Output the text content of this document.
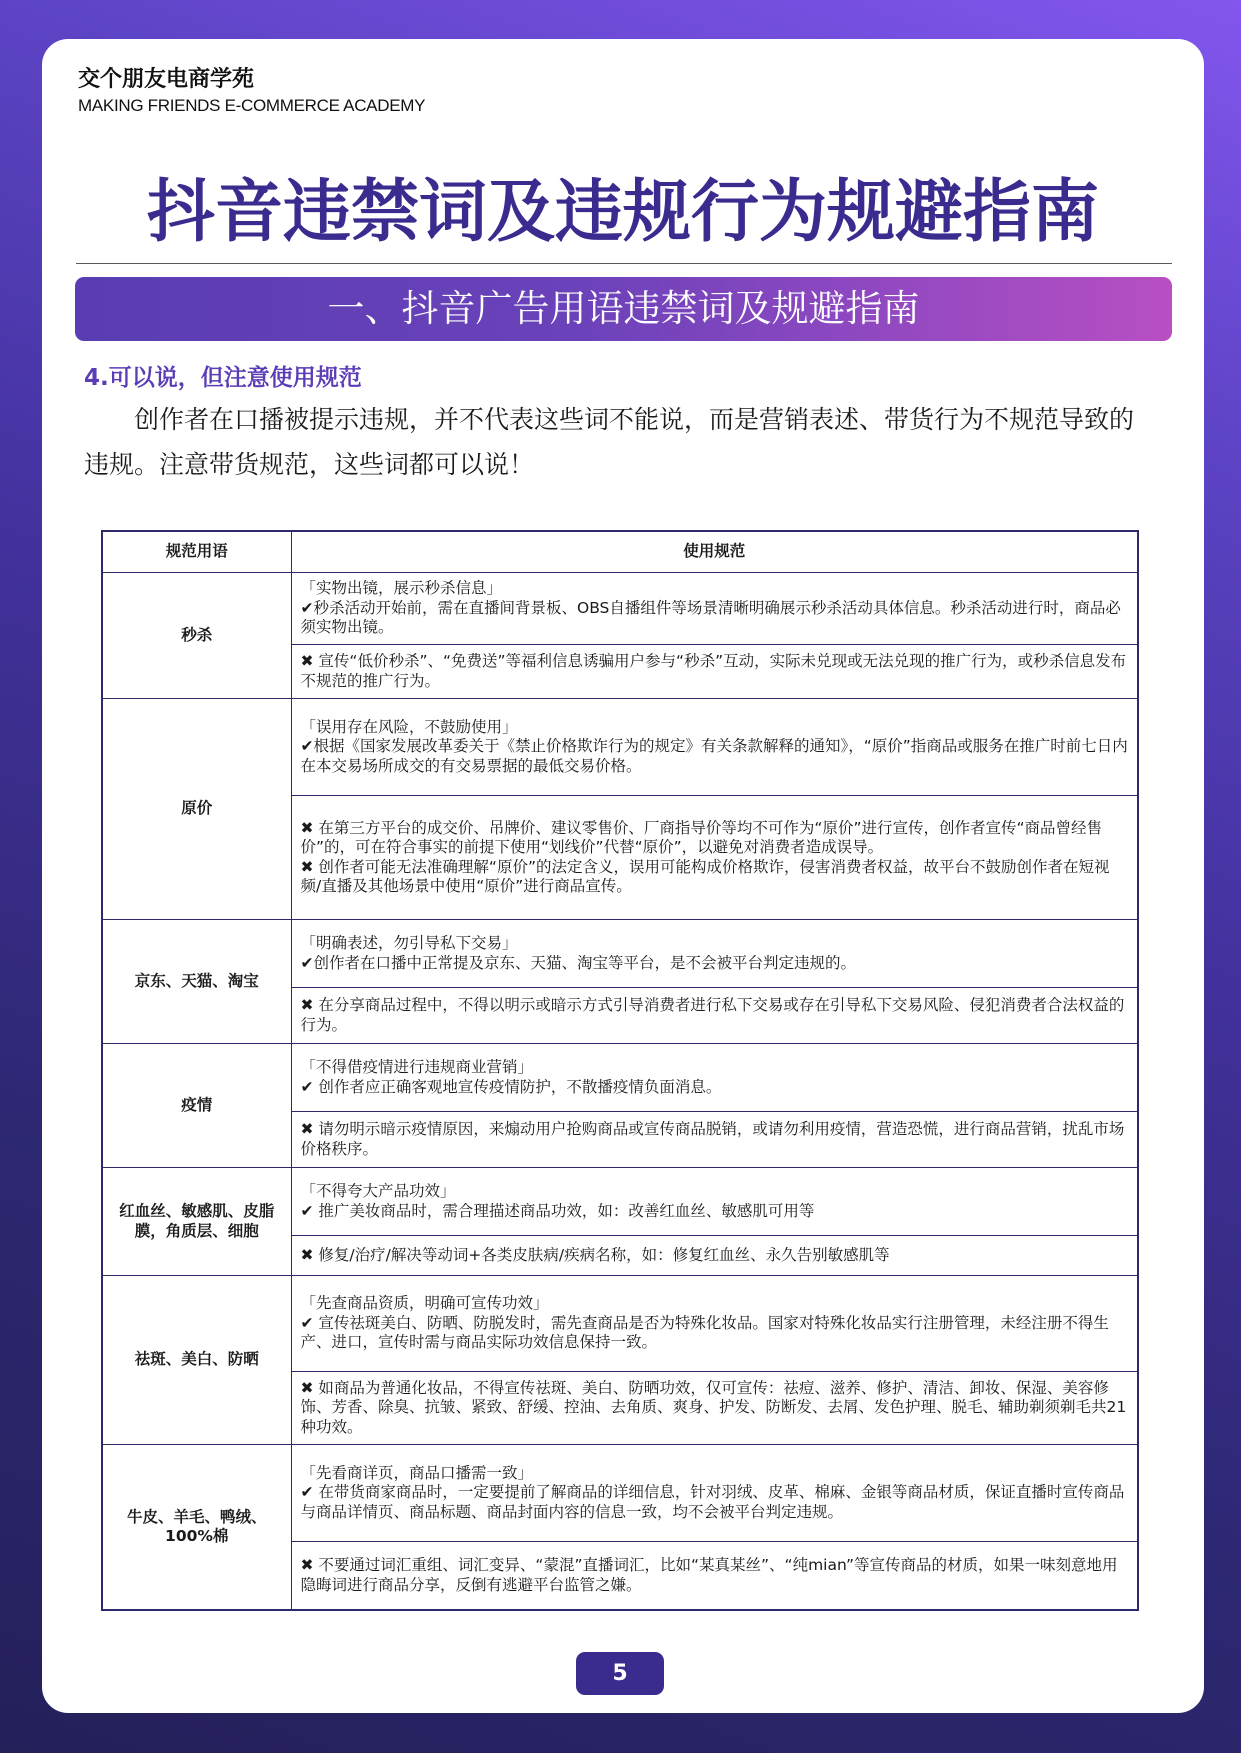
交个朋友电商学苑
MAKING FRIENDS E-COMMERCE ACADEMY
抖音违禁词及违规行为规避指南
一、抖音广告用语违禁词及规避指南
4.可以说，但注意使用规范

创作者在口播被提示违规，并不代表这些词不能说，而是营销表述、带货行为不规范导致的违规。注意带货规范，这些词都可以说！

规范用语	使用规范
秒杀	「实物出镜，展示秒杀信息」
✔秒杀活动开始前，需在直播间背景板、OBS自播组件等场景清晰明确展示秒杀活动具体信息。秒杀活动进行时，商品必须实物出镜。

	✖ 宣传“低价秒杀”、“免费送”等福利信息诱骗用户参与“秒杀”互动，实际未兑现或无法兑现的推广行为，或秒杀信息发布不规范的推广行为。

原价	「误用存在风险，不鼓励使用」
✔根据《国家发展改革委关于《禁止价格欺诈行为的规定》有关条款解释的通知》，“原价”指商品或服务在推广时前七日内在本交易场所成交的有交易票据的最低交易价格。

	✖ 在第三方平台的成交价、吊牌价、建议零售价、厂商指导价等均不可作为“原价”进行宣传，创作者宣传“商品曾经售价”的，可在符合事实的前提下使用“划线价”代替“原价”，以避免对消费者造成误导。
✖ 创作者可能无法准确理解“原价”的法定含义，误用可能构成价格欺诈，侵害消费者权益，故平台不鼓励创作者在短视频/直播及其他场景中使用“原价”进行商品宣传。

京东、天猫、淘宝	「明确表述，勿引导私下交易」
✔创作者在口播中正常提及京东、天猫、淘宝等平台，是不会被平台判定违规的。

	✖ 在分享商品过程中，不得以明示或暗示方式引导消费者进行私下交易或存在引导私下交易风险、侵犯消费者合法权益的行为。

疫情	「不得借疫情进行违规商业营销」
✔ 创作者应正确客观地宣传疫情防护，不散播疫情负面消息。

	✖ 请勿明示暗示疫情原因，来煽动用户抢购商品或宣传商品脱销，或请勿利用疫情，营造恐慌，进行商品营销，扰乱市场价格秩序。

红血丝、敏感肌、皮脂膜，角质层、细胞	「不得夸大产品功效」
✔ 推广美妆商品时，需合理描述商品功效，如：改善红血丝、敏感肌可用等

	✖ 修复/治疗/解决等动词+各类皮肤病/疾病名称，如：修复红血丝、永久告别敏感肌等

祛斑、美白、防晒	「先查商品资质，明确可宣传功效」
✔ 宣传祛斑美白、防晒、防脱发时，需先查商品是否为特殊化妆品。国家对特殊化妆品实行注册管理，未经注册不得生产、进口，宣传时需与商品实际功效信息保持一致。

	✖ 如商品为普通化妆品，不得宣传祛斑、美白、防晒功效，仅可宣传：祛痘、滋养、修护、清洁、卸妆、保湿、美容修饰、芳香、除臭、抗皱、紧致、舒缓、控油、去角质、爽身、护发、防断发、去屑、发色护理、脱毛、辅助剃须剃毛共21种功效。

牛皮、羊毛、鸭绒、100%棉	「先看商详页，商品口播需一致」
✔ 在带货商家商品时，一定要提前了解商品的详细信息，针对羽绒、皮革、棉麻、金银等商品材质，保证直播时宣传商品与商品详情页、商品标题、商品封面内容的信息一致，均不会被平台判定违规。

	✖ 不要通过词汇重组、词汇变异、“蒙混”直播词汇，比如“某真某丝”、“纯mian”等宣传商品的材质，如果一味刻意地用隐晦词进行商品分享，反倒有逃避平台监管之嫌。
5
